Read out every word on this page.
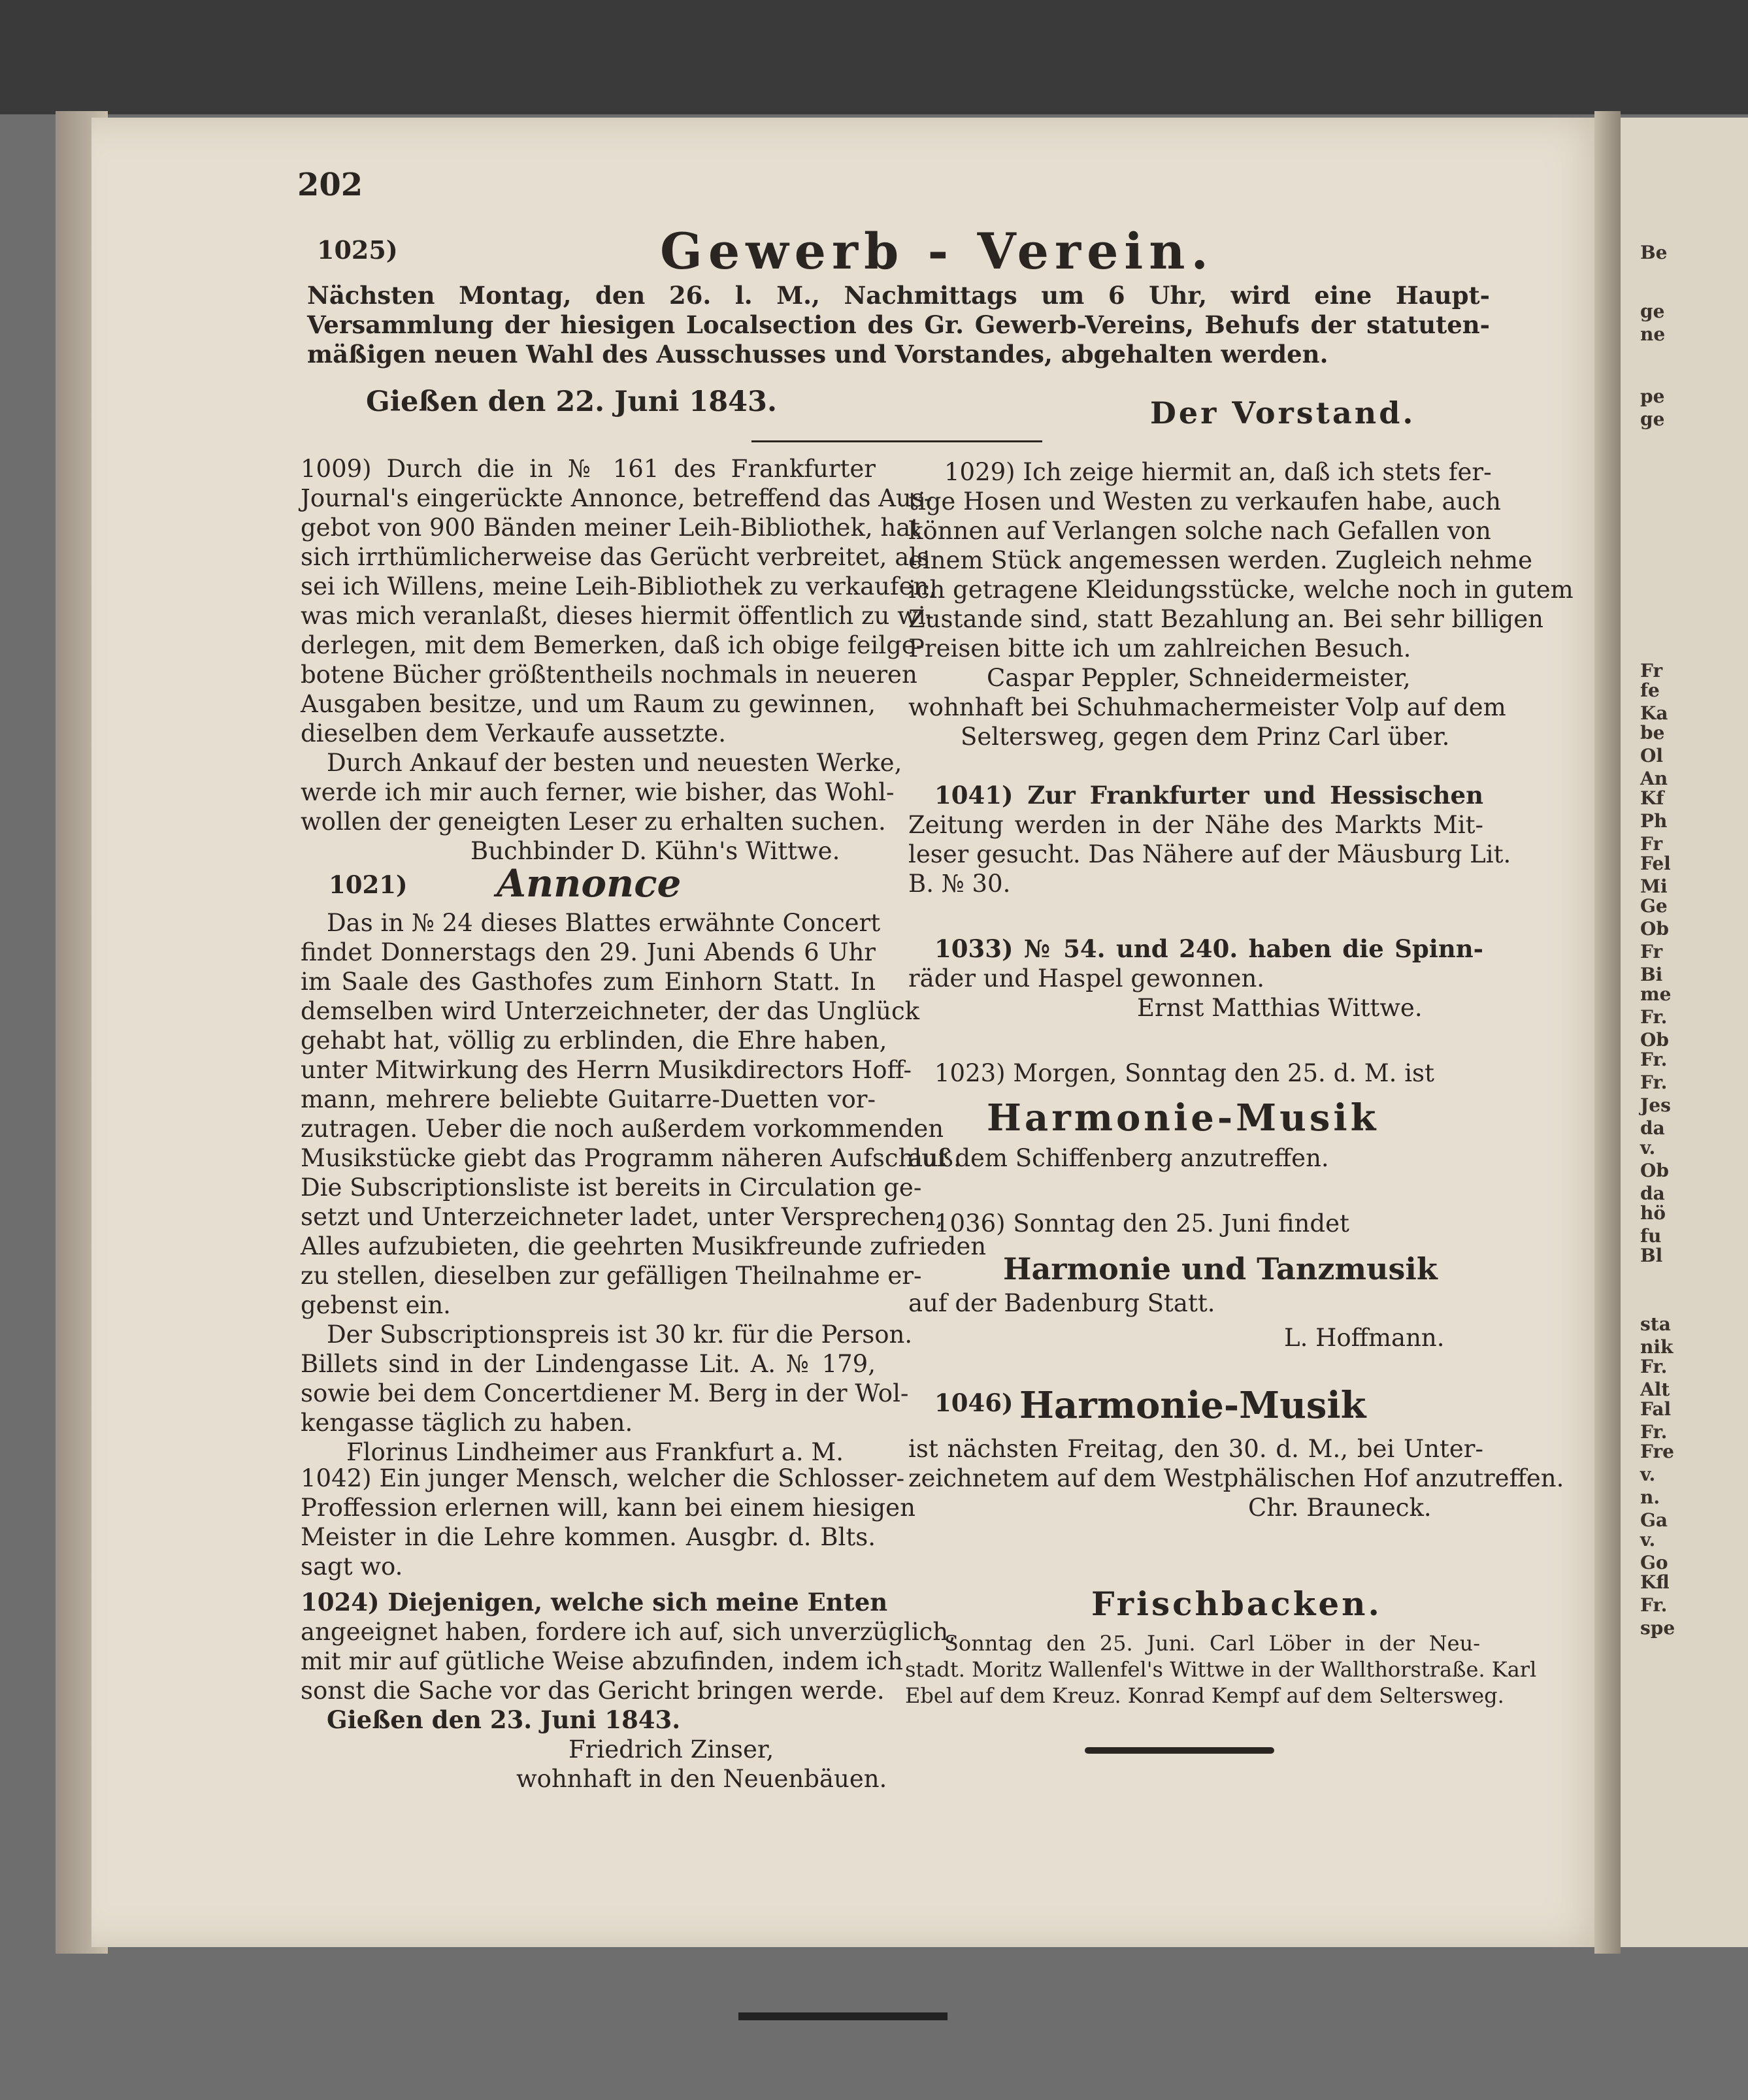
Be
ge
ne
pe
ge
Fr
fe
Ka
be
Ol
An
Kf
Ph
Fr
Fel
Mi
Ge
Ob
Fr
Bi
me
Fr.
Ob
Fr.
Fr.
Jes
da
v.
Ob
da
hö
fu
Bl
sta
nik
Fr.
Alt
Fal
Fr.
Fre
v.
n.
Ga
v.
Go
Kfl
Fr.
spe
202
1025)	Gewerb - Verein.
Nächsten Montag, den 26. l. M., Nachmittags um 6 Uhr, wird eine Haupt-
Versammlung der hiesigen Localsection des Gr. Gewerb-Vereins, Behufs der statuten-
mäßigen neuen Wahl des Ausschusses und Vorstandes, abgehalten werden.
Gießen den 22. Juni 1843.	Der Vorstand.
1009) Durch die in № 161 des Frankfurter
Journal's eingerückte Annonce, betreffend das Aus-
gebot von 900 Bänden meiner Leih-Bibliothek, hat
sich irrthümlicherweise das Gerücht verbreitet, als
sei ich Willens, meine Leih-Bibliothek zu verkaufen,
was mich veranlaßt, dieses hiermit öffentlich zu wi-
derlegen, mit dem Bemerken, daß ich obige feilge-
botene Bücher größtentheils nochmals in neueren
Ausgaben besitze, und um Raum zu gewinnen,
dieselben dem Verkaufe aussetzte.
Durch Ankauf der besten und neuesten Werke,
werde ich mir auch ferner, wie bisher, das Wohl-
wollen der geneigten Leser zu erhalten suchen.
Buchbinder D. Kühn's Wittwe.
1021) Annonce
Das in № 24 dieses Blattes erwähnte Concert
findet Donnerstags den 29. Juni Abends 6 Uhr
im Saale des Gasthofes zum Einhorn Statt. In
demselben wird Unterzeichneter, der das Unglück
gehabt hat, völlig zu erblinden, die Ehre haben,
unter Mitwirkung des Herrn Musikdirectors Hoff-
mann, mehrere beliebte Guitarre-Duetten vor-
zutragen. Ueber die noch außerdem vorkommenden
Musikstücke giebt das Programm näheren Aufschluß.
Die Subscriptionsliste ist bereits in Circulation ge-
setzt und Unterzeichneter ladet, unter Versprechen,
Alles aufzubieten, die geehrten Musikfreunde zufrieden
zu stellen, dieselben zur gefälligen Theilnahme er-
gebenst ein.
Der Subscriptionspreis ist 30 kr. für die Person.
Billets sind in der Lindengasse Lit. A. № 179,
sowie bei dem Concertdiener M. Berg in der Wol-
kengasse täglich zu haben.
Florinus Lindheimer aus Frankfurt a. M.
1042) Ein junger Mensch, welcher die Schlosser-
Proffession erlernen will, kann bei einem hiesigen
Meister in die Lehre kommen. Ausgbr. d. Blts.
sagt wo.
1024) Diejenigen, welche sich meine Enten
angeeignet haben, fordere ich auf, sich unverzüglich,
mit mir auf gütliche Weise abzufinden, indem ich
sonst die Sache vor das Gericht bringen werde.
Gießen den 23. Juni 1843.
Friedrich Zinser,
wohnhaft in den Neuenbäuen.
1029) Ich zeige hiermit an, daß ich stets fer-
tige Hosen und Westen zu verkaufen habe, auch
können auf Verlangen solche nach Gefallen von
einem Stück angemessen werden. Zugleich nehme
ich getragene Kleidungsstücke, welche noch in gutem
Zustande sind, statt Bezahlung an. Bei sehr billigen
Preisen bitte ich um zahlreichen Besuch.
Caspar Peppler, Schneidermeister,
wohnhaft bei Schuhmachermeister Volp auf dem
Seltersweg, gegen dem Prinz Carl über.
1041) Zur Frankfurter und Hessischen
Zeitung werden in der Nähe des Markts Mit-
leser gesucht. Das Nähere auf der Mäusburg Lit.
B. № 30.
1033) № 54. und 240. haben die Spinn-
räder und Haspel gewonnen.
Ernst Matthias Wittwe.
1023) Morgen, Sonntag den 25. d. M. ist
Harmonie-Musik
auf dem Schiffenberg anzutreffen.
1036) Sonntag den 25. Juni findet
Harmonie und Tanzmusik
auf der Badenburg Statt.
L. Hoffmann.
1046) Harmonie-Musik
ist nächsten Freitag, den 30. d. M., bei Unter-
zeichnetem auf dem Westphälischen Hof anzutreffen.
Chr. Brauneck.
Frischbacken.
Sonntag den 25. Juni. Carl Löber in der Neu-
stadt. Moritz Wallenfel's Wittwe in der Wallthorstraße. Karl
Ebel auf dem Kreuz. Konrad Kempf auf dem Seltersweg.
